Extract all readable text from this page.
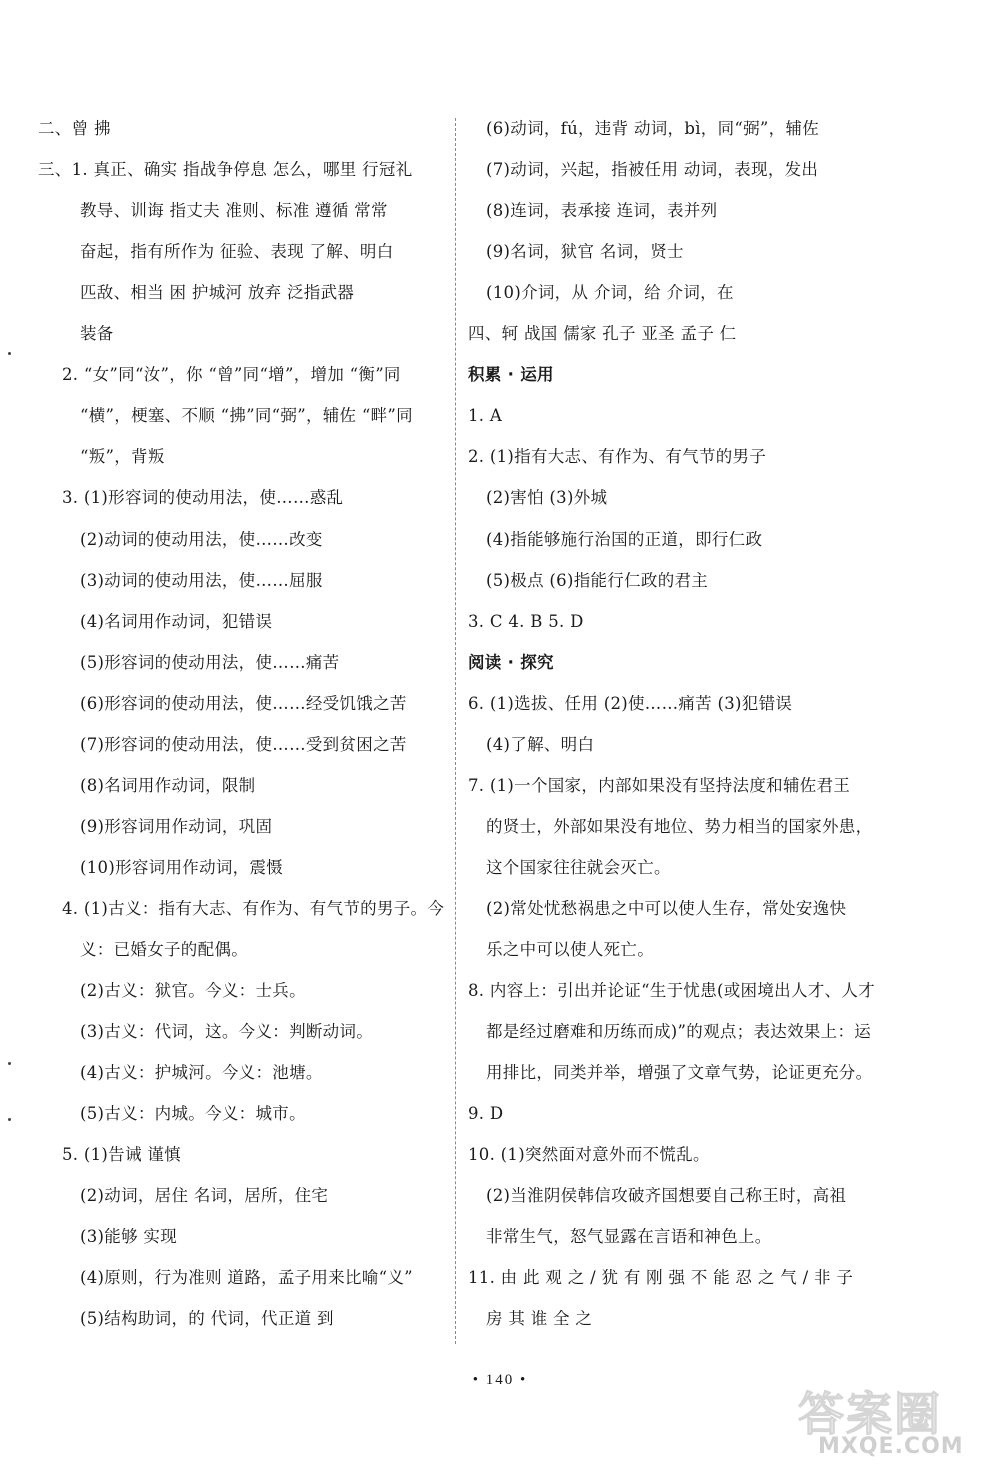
二、曾 拂
三、1. 真正、确实 指战争停息 怎么，哪里 行冠礼
教导、训诲 指丈夫 准则、标准 遵循 常常
奋起，指有所作为 征验、表现 了解、明白
匹敌、相当 困 护城河 放弃 泛指武器
装备
2. “女”同“汝”，你 “曾”同“增”，增加 “衡”同
“横”，梗塞、不顺 “拂”同“弼”，辅佐 “畔”同
“叛”，背叛
3. (1)形容词的使动用法，使……惑乱
(2)动词的使动用法，使……改变
(3)动词的使动用法，使……屈服
(4)名词用作动词，犯错误
(5)形容词的使动用法，使……痛苦
(6)形容词的使动用法，使……经受饥饿之苦
(7)形容词的使动用法，使……受到贫困之苦
(8)名词用作动词，限制
(9)形容词用作动词，巩固
(10)形容词用作动词，震慑
4. (1)古义：指有大志、有作为、有气节的男子。今
义：已婚女子的配偶。
(2)古义：狱官。今义：士兵。
(3)古义：代词，这。今义：判断动词。
(4)古义：护城河。今义：池塘。
(5)古义：内城。今义：城市。
5. (1)告诫 谨慎
(2)动词，居住 名词，居所，住宅
(3)能够 实现
(4)原则，行为准则 道路，孟子用来比喻“义”
(5)结构助词，的 代词，代正道 到
(6)动词，fú，违背 动词，bì，同“弼”，辅佐
(7)动词，兴起，指被任用 动词，表现，发出
(8)连词，表承接 连词，表并列
(9)名词，狱官 名词，贤士
(10)介词，从 介词，给 介词，在
四、轲 战国 儒家 孔子 亚圣 孟子 仁
积累 · 运用
1. A
2. (1)指有大志、有作为、有气节的男子
(2)害怕 (3)外城
(4)指能够施行治国的正道，即行仁政
(5)极点 (6)指能行仁政的君主
3. C 4. B 5. D
阅读 · 探究
6. (1)选拔、任用 (2)使……痛苦 (3)犯错误
(4)了解、明白
7. (1)一个国家，内部如果没有坚持法度和辅佐君王
的贤士，外部如果没有地位、势力相当的国家外患，
这个国家往往就会灭亡。
(2)常处忧愁祸患之中可以使人生存，常处安逸快
乐之中可以使人死亡。
8. 内容上：引出并论证“生于忧患(或困境出人才、人才
都是经过磨难和历练而成)”的观点；表达效果上：运
用排比，同类并举，增强了文章气势，论证更充分。
9. D
10. (1)突然面对意外而不慌乱。
(2)当淮阴侯韩信攻破齐国想要自己称王时，高祖
非常生气，怒气显露在言语和神色上。
11. 由 此 观 之 / 犹 有 刚 强 不 能 忍 之 气 / 非 子
房 其 谁 全 之
• 140 •
答案圈
MXQE.COM
